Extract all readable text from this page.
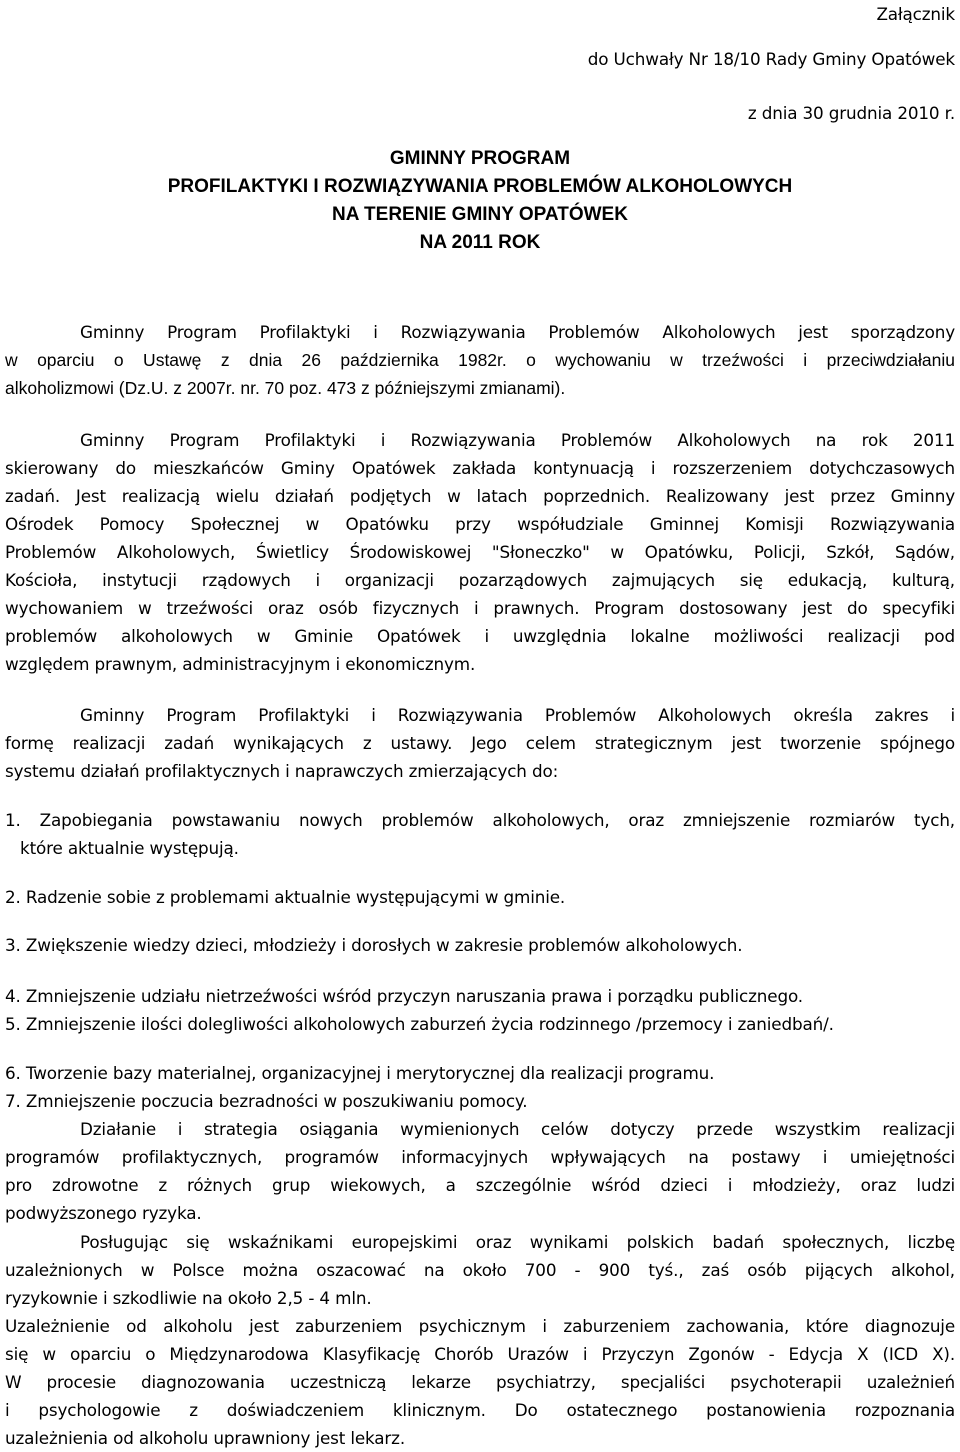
Załącznik
do Uchwały Nr 18/10 Rady Gminy Opatówek
z dnia 30 grudnia 2010 r.
GMINNY PROGRAM
PROFILAKTYKI I ROZWIĄZYWANIA PROBLEMÓW ALKOHOLOWYCH
NA TERENIE GMINY OPATÓWEK
NA 2011 ROK
Gminny Program Profilaktyki i Rozwiązywania Problemów Alkoholowych jest sporządzony
w oparciu o Ustawę z dnia 26 października 1982r. o wychowaniu w trzeźwości i przeciwdziałaniu
alkoholizmowi (Dz.U. z 2007r. nr. 70 poz. 473 z późniejszymi zmianami).
Gminny Program Profilaktyki i Rozwiązywania Problemów Alkoholowych na rok 2011
skierowany do mieszkańców Gminy Opatówek zakłada kontynuacją i rozszerzeniem dotychczasowych
zadań. Jest realizacją wielu działań podjętych w latach poprzednich. Realizowany jest przez Gminny
Ośrodek Pomocy Społecznej w Opatówku przy współudziale Gminnej Komisji Rozwiązywania
Problemów Alkoholowych, Świetlicy Środowiskowej "Słoneczko" w Opatówku, Policji, Szkół, Sądów,
Kościoła, instytucji rządowych i organizacji pozarządowych zajmujących się edukacją, kulturą,
wychowaniem w trzeźwości oraz osób fizycznych i prawnych. Program dostosowany jest do specyfiki
problemów alkoholowych w Gminie Opatówek i uwzględnia lokalne możliwości realizacji pod
względem prawnym, administracyjnym i ekonomicznym.
Gminny Program Profilaktyki i Rozwiązywania Problemów Alkoholowych określa zakres i
formę realizacji zadań wynikających z ustawy. Jego celem strategicznym jest tworzenie spójnego
systemu działań profilaktycznych i naprawczych zmierzających do:
1. Zapobiegania powstawaniu nowych problemów alkoholowych, oraz zmniejszenie rozmiarów tych,
które aktualnie występują.
2. Radzenie sobie z problemami aktualnie występującymi w gminie.
3. Zwiększenie wiedzy dzieci, młodzieży i dorosłych w zakresie problemów alkoholowych.
4. Zmniejszenie udziału nietrzeźwości wśród przyczyn naruszania prawa i porządku publicznego.
5. Zmniejszenie ilości dolegliwości alkoholowych zaburzeń życia rodzinnego /przemocy i zaniedbań/.
6. Tworzenie bazy materialnej, organizacyjnej i merytorycznej dla realizacji programu.
7. Zmniejszenie poczucia bezradności w poszukiwaniu pomocy.
Działanie i strategia osiągania wymienionych celów dotyczy przede wszystkim realizacji
programów profilaktycznych, programów informacyjnych wpływających na postawy i umiejętności
pro zdrowotne z różnych grup wiekowych, a szczególnie wśród dzieci i młodzieży, oraz ludzi
podwyższonego ryzyka.
Posługując się wskaźnikami europejskimi oraz wynikami polskich badań społecznych, liczbę
uzależnionych w Polsce można oszacować na około 700 - 900 tyś., zaś osób pijących alkohol,
ryzykownie i szkodliwie na około 2,5 - 4 mln.
Uzależnienie od alkoholu jest zaburzeniem psychicznym i zaburzeniem zachowania, które diagnozuje
się w oparciu o Międzynarodowa Klasyfikację Chorób Urazów i Przyczyn Zgonów - Edycja X (ICD X).
W procesie diagnozowania uczestniczą lekarze psychiatrzy, specjaliści psychoterapii uzależnień
i psychologowie z doświadczeniem klinicznym. Do ostatecznego postanowienia rozpoznania
uzależnienia od alkoholu uprawniony jest lekarz.
